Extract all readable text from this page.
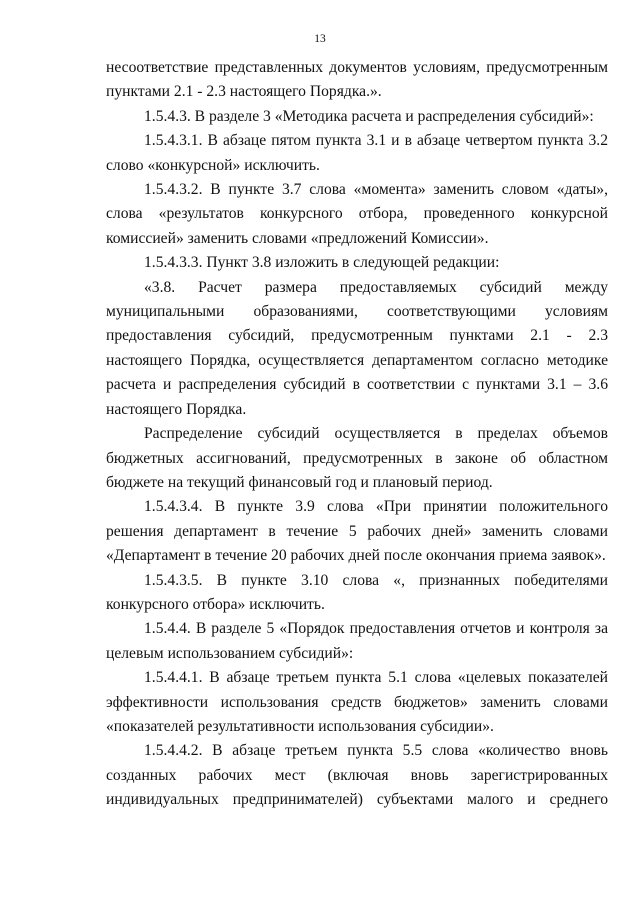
13

несоответствие представленных документов условиям, предусмотренным пунктами 2.1 - 2.3 настоящего Порядка.».

1.5.4.3. В разделе 3 «Методика расчета и распределения субсидий»:

1.5.4.3.1. В абзаце пятом пункта 3.1 и в абзаце четвертом пункта 3.2 слово «конкурсной» исключить.

1.5.4.3.2. В пункте 3.7 слова «момента» заменить словом «даты», слова «результатов конкурсного отбора, проведенного конкурсной комиссией» заменить словами «предложений Комиссии».

1.5.4.3.3. Пункт 3.8 изложить в следующей редакции:

«3.8. Расчет размера предоставляемых субсидий между муниципальными образованиями, соответствующими условиям предоставления субсидий, предусмотренным пунктами 2.1 - 2.3 настоящего Порядка, осуществляется департаментом согласно методике расчета и распределения субсидий в соответствии с пунктами 3.1 – 3.6 настоящего Порядка.

Распределение субсидий осуществляется в пределах объемов бюджетных ассигнований, предусмотренных в законе об областном бюджете на текущий финансовый год и плановый период.

1.5.4.3.4. В пункте 3.9 слова «При принятии положительного решения департамент в течение 5 рабочих дней» заменить словами «Департамент в течение 20 рабочих дней после окончания приема заявок».

1.5.4.3.5. В пункте 3.10 слова «, признанных победителями конкурсного отбора» исключить.

1.5.4.4. В разделе 5 «Порядок предоставления отчетов и контроля за целевым использованием субсидий»:

1.5.4.4.1. В абзаце третьем пункта 5.1 слова «целевых показателей эффективности использования средств бюджетов» заменить словами «показателей результативности использования субсидии».

1.5.4.4.2. В абзаце третьем пункта 5.5 слова «количество вновь созданных рабочих мест (включая вновь зарегистрированных индивидуальных предпринимателей) субъектами малого и среднего
